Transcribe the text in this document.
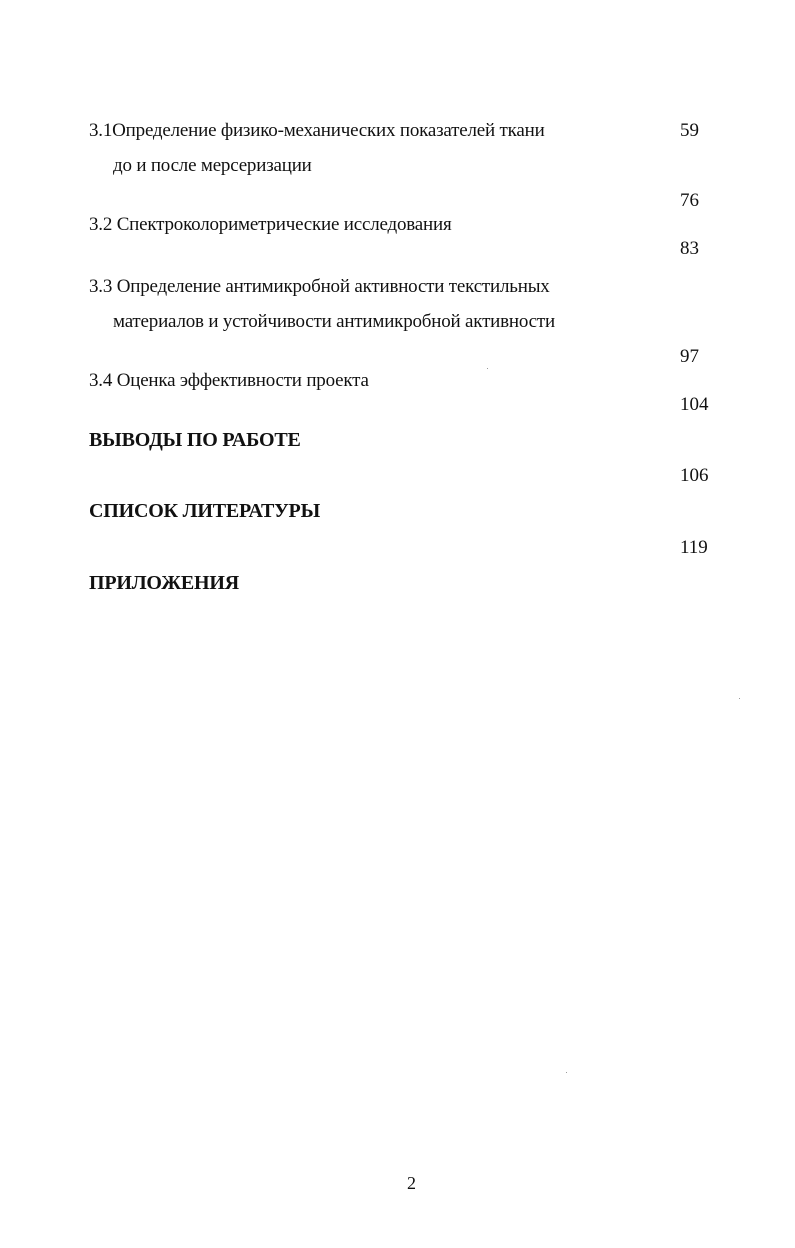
3.1Определение физико-механических показателей ткани
до и после мерсеризации
59
76
3.2 Спектроколориметрические исследования
83
3.3 Определение антимикробной активности текстильных
материалов и устойчивости антимикробной активности
97
3.4 Оценка эффективности проекта
104
ВЫВОДЫ ПО РАБОТЕ
106
СПИСОК ЛИТЕРАТУРЫ
119
ПРИЛОЖЕНИЯ
2
